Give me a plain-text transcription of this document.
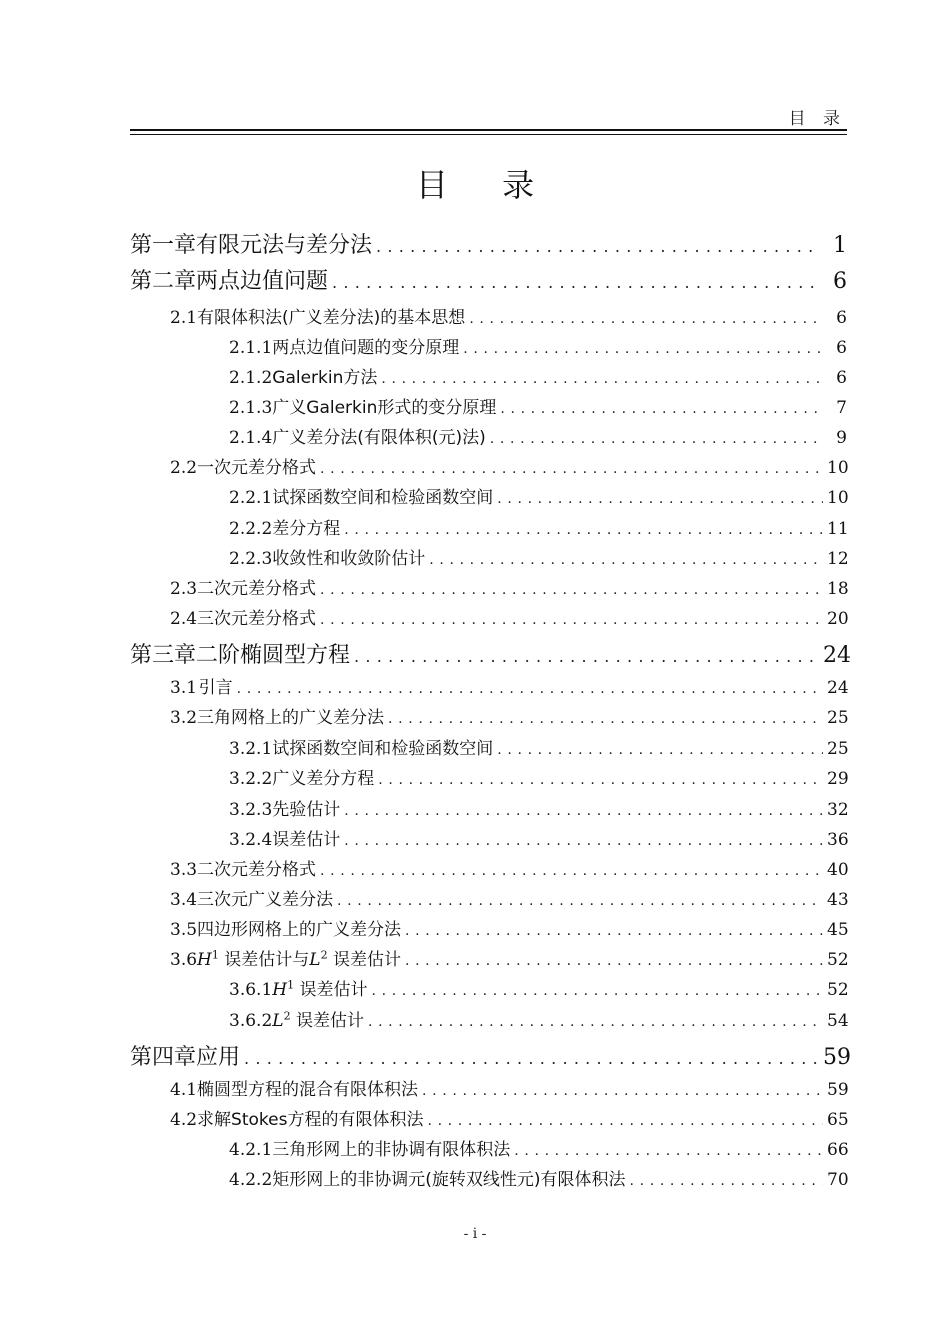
目 录
目 录
第一章 有限元法与差分法 . . .	1
第二章 两点边值问题 . . .	6
2.1 有限体积法(广义差分法)的基本思想 . . .	6
2.1.1 两点边值问题的变分原理 . . .	6
2.1.2 Galerkin方法 . . .	6
2.1.3 广义Galerkin形式的变分原理 . . .	7
2.1.4 广义差分法(有限体积(元)法) . . .	9
2.2 一次元差分格式 . . .	10
2.2.1 试探函数空间和检验函数空间 . . .	10
2.2.2 差分方程 . . .	11
2.2.3 收敛性和收敛阶估计 . . .	12
2.3 二次元差分格式 . . .	18
2.4 三次元差分格式 . . .	20
第三章 二阶椭圆型方程 . . .	24
3.1 引言 . . .	24
3.2 三角网格上的广义差分法 . . .	25
3.2.1 试探函数空间和检验函数空间 . . .	25
3.2.2 广义差分方程 . . .	29
3.2.3 先验估计 . . .	32
3.2.4 误差估计 . . .	36
3.3 二次元差分格式 . . .	40
3.4 三次元广义差分法 . . .	43
3.5 四边形网格上的广义差分法 . . .	45
3.6 $H^1$ 误差估计与$L^2$ 误差估计 . . .	52
3.6.1 $H^1$ 误差估计 . . .	52
3.6.2 $L^2$ 误差估计 . . .	54
第四章 应用 . . .	59
4.1 椭圆型方程的混合有限体积法 . . .	59
4.2 求解Stokes方程的有限体积法 . . .	65
4.2.1 三角形网上的非协调有限体积法 . . .	66
4.2.2 矩形网上的非协调元(旋转双线性元)有限体积法 . . .	70
- i -
